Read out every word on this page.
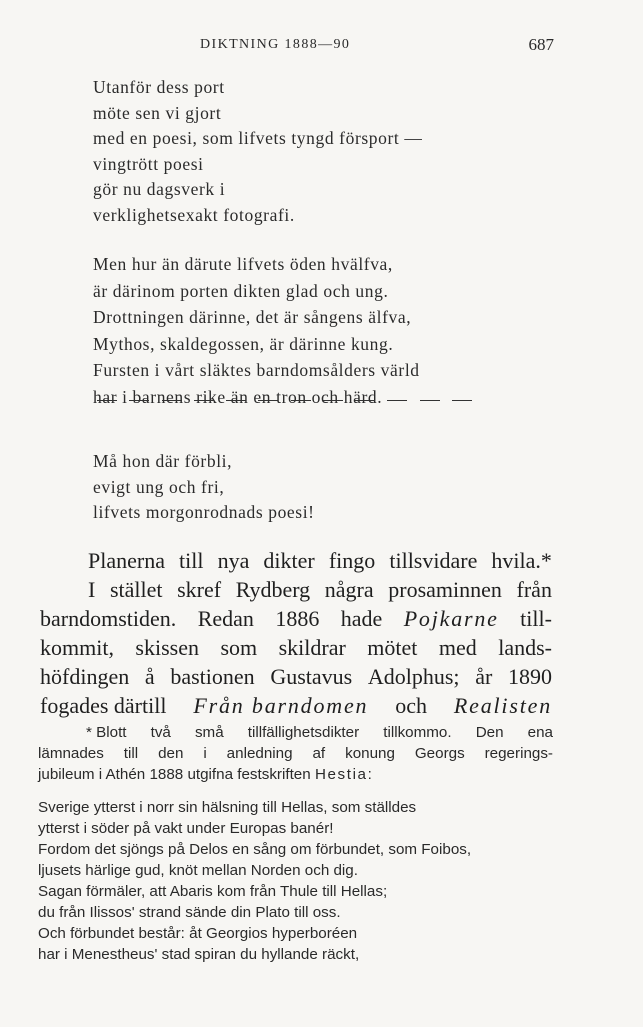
DIKTNING 1888—90	687
Utanför dess port
möte sen vi gjort
med en poesi, som lifvets tyngd försport —
vingtrött poesi
gör nu dagsverk i
verklighetsexakt fotografi.
Men hur än därute lifvets öden hvälfva,
är därinom porten dikten glad och ung.
Drottningen därinne, det är sångens älfva,
Mythos, skaldegossen, är därinne kung.
Fursten i vårt släktes barndomsålders värld
har i barnens rike än en tron och härd.
Må hon där förbli,
evigt ung och fri,
lifvets morgonrodnads poesi!
Planerna till nya dikter fingo tillsvidare hvila.*
I stället skref Rydberg några prosaminnen från
barndomstiden. Redan 1886 hade Pojkarne till-
kommit, skissen som skildrar mötet med lands-
höfdingen å bastionen Gustavus Adolphus; år 1890
fogades därtill Från barndomen och Realisten
* Blott två små tillfällighetsdikter tillkommo. Den ena
lämnades till den i anledning af konung Georgs regerings-
jubileum i Athén 1888 utgifna festskriften Hestia:
Sverige ytterst i norr sin hälsning till Hellas, som ställdes
ytterst i söder på vakt under Europas banér!
Fordom det sjöngs på Delos en sång om förbundet, som Foibos,
ljusets härlige gud, knöt mellan Norden och dig.
Sagan förmäler, att Abaris kom från Thule till Hellas;
du från Ilissos' strand sände din Plato till oss.
Och förbundet består: åt Georgios hyperboréen
har i Menestheus' stad spiran du hyllande räckt,
